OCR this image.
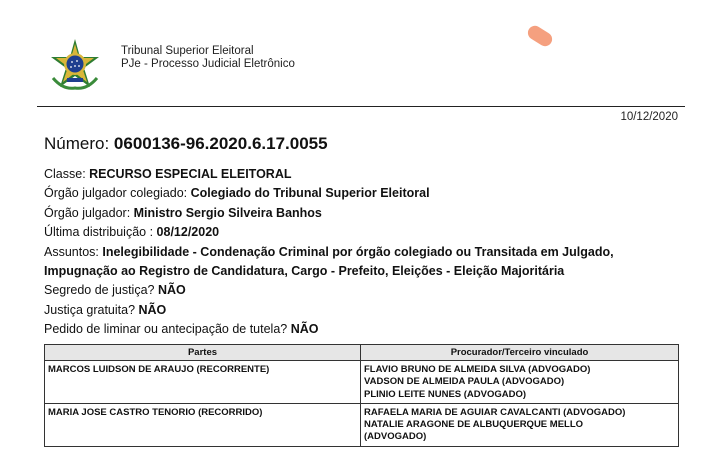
Tribunal Superior Eleitoral
PJe - Processo Judicial Eletrônico
10/12/2020
Número: 0600136-96.2020.6.17.0055
Classe: RECURSO ESPECIAL ELEITORAL
Órgão julgador colegiado: Colegiado do Tribunal Superior Eleitoral
Órgão julgador: Ministro Sergio Silveira Banhos
Última distribuição : 08/12/2020
Assuntos: Inelegibilidade - Condenação Criminal por órgão colegiado ou Transitada em Julgado,
Impugnação ao Registro de Candidatura, Cargo - Prefeito, Eleições - Eleição Majoritária
Segredo de justiça? NÃO
Justiça gratuita? NÃO
Pedido de liminar ou antecipação de tutela? NÃO
Partes	Procurador/Terceiro vinculado
MARCOS LUIDSON DE ARAUJO (RECORRENTE)	FLAVIO BRUNO DE ALMEIDA SILVA (ADVOGADO)
VADSON DE ALMEIDA PAULA (ADVOGADO)
PLINIO LEITE NUNES (ADVOGADO)

MARIA JOSE CASTRO TENORIO (RECORRIDO)	RAFAELA MARIA DE AGUIAR CAVALCANTI (ADVOGADO)
NATALIE ARAGONE DE ALBUQUERQUE MELLO
(ADVOGADO)
